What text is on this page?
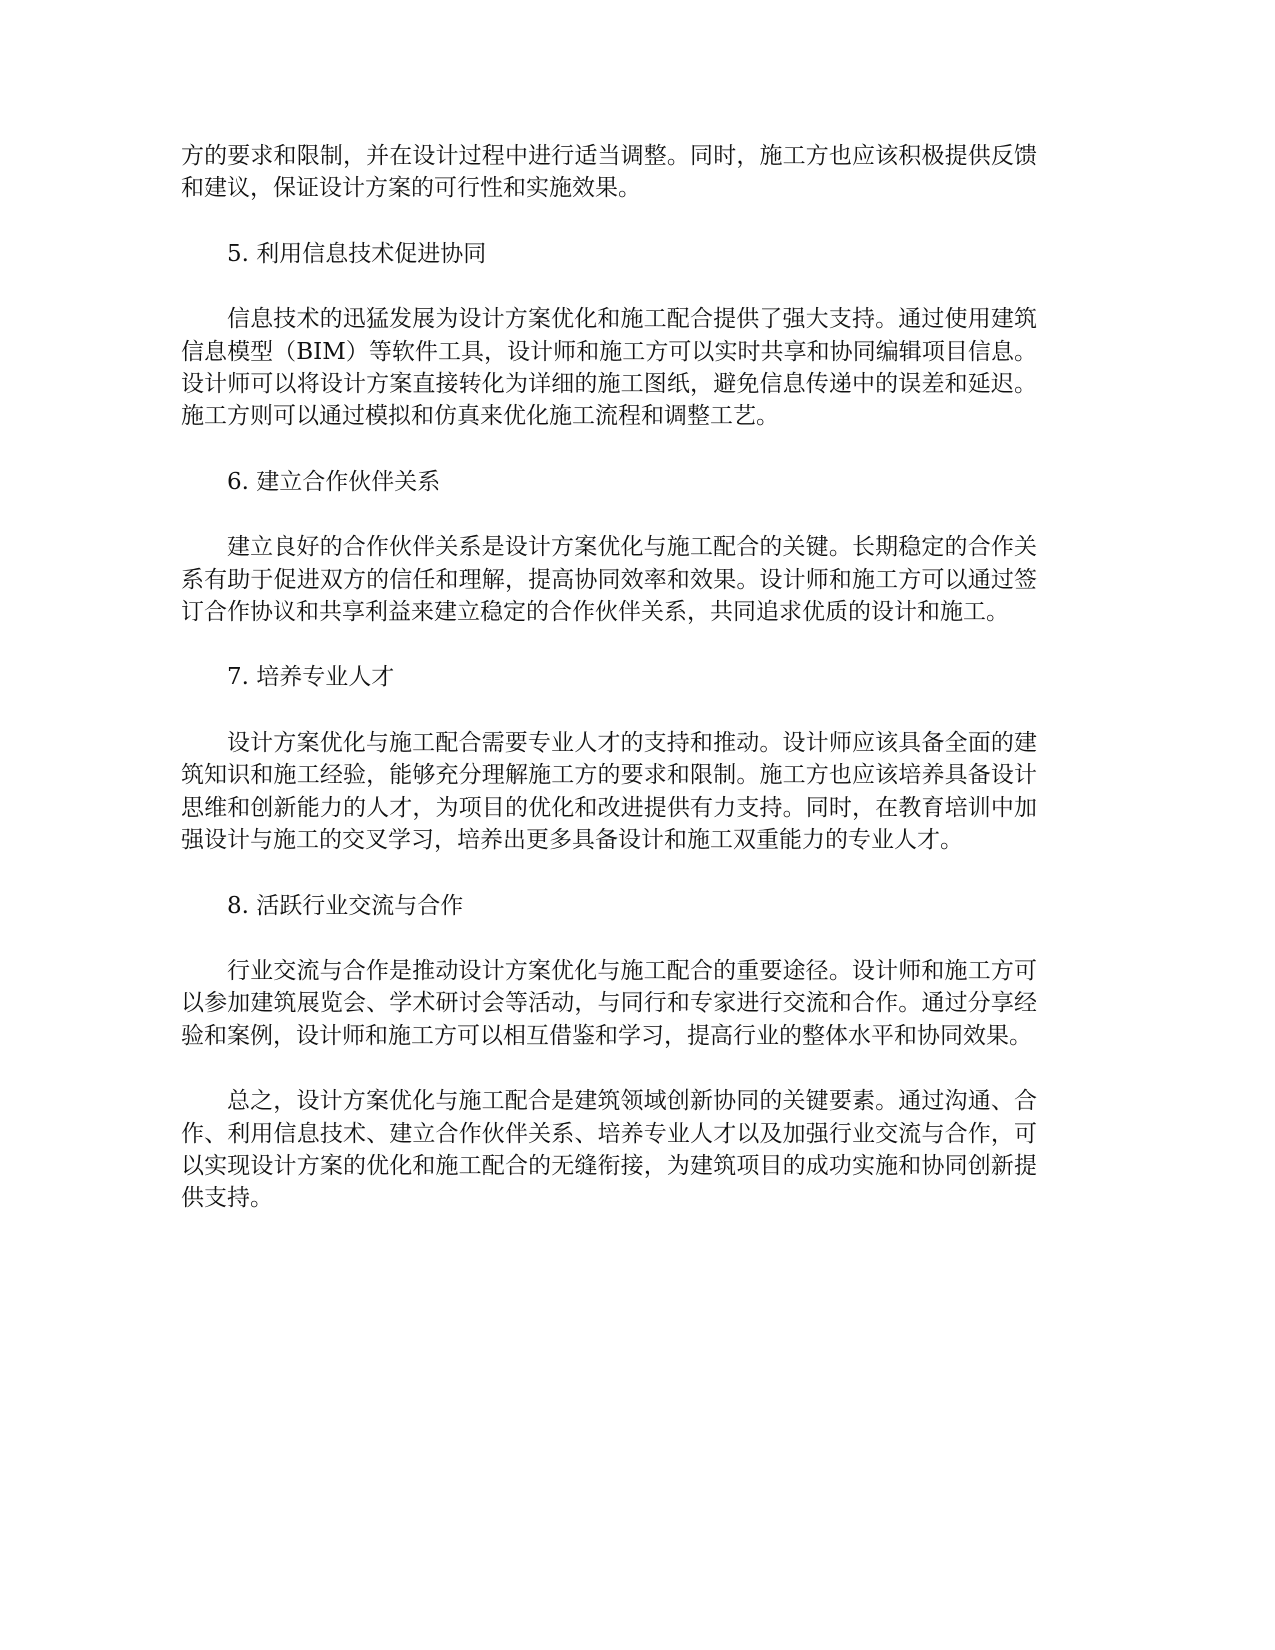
方的要求和限制，并在设计过程中进行适当调整。同时，施工方也应该积极提供反馈和建议，保证设计方案的可行性和实施效果。

5. 利用信息技术促进协同

信息技术的迅猛发展为设计方案优化和施工配合提供了强大支持。通过使用建筑信息模型（BIM）等软件工具，设计师和施工方可以实时共享和协同编辑项目信息。设计师可以将设计方案直接转化为详细的施工图纸，避免信息传递中的误差和延迟。施工方则可以通过模拟和仿真来优化施工流程和调整工艺。

6. 建立合作伙伴关系

建立良好的合作伙伴关系是设计方案优化与施工配合的关键。长期稳定的合作关系有助于促进双方的信任和理解，提高协同效率和效果。设计师和施工方可以通过签订合作协议和共享利益来建立稳定的合作伙伴关系，共同追求优质的设计和施工。

7. 培养专业人才

设计方案优化与施工配合需要专业人才的支持和推动。设计师应该具备全面的建筑知识和施工经验，能够充分理解施工方的要求和限制。施工方也应该培养具备设计思维和创新能力的人才，为项目的优化和改进提供有力支持。同时，在教育培训中加强设计与施工的交叉学习，培养出更多具备设计和施工双重能力的专业人才。

8. 活跃行业交流与合作

行业交流与合作是推动设计方案优化与施工配合的重要途径。设计师和施工方可以参加建筑展览会、学术研讨会等活动，与同行和专家进行交流和合作。通过分享经验和案例，设计师和施工方可以相互借鉴和学习，提高行业的整体水平和协同效果。

总之，设计方案优化与施工配合是建筑领域创新协同的关键要素。通过沟通、合作、利用信息技术、建立合作伙伴关系、培养专业人才以及加强行业交流与合作，可以实现设计方案的优化和施工配合的无缝衔接，为建筑项目的成功实施和协同创新提供支持。
